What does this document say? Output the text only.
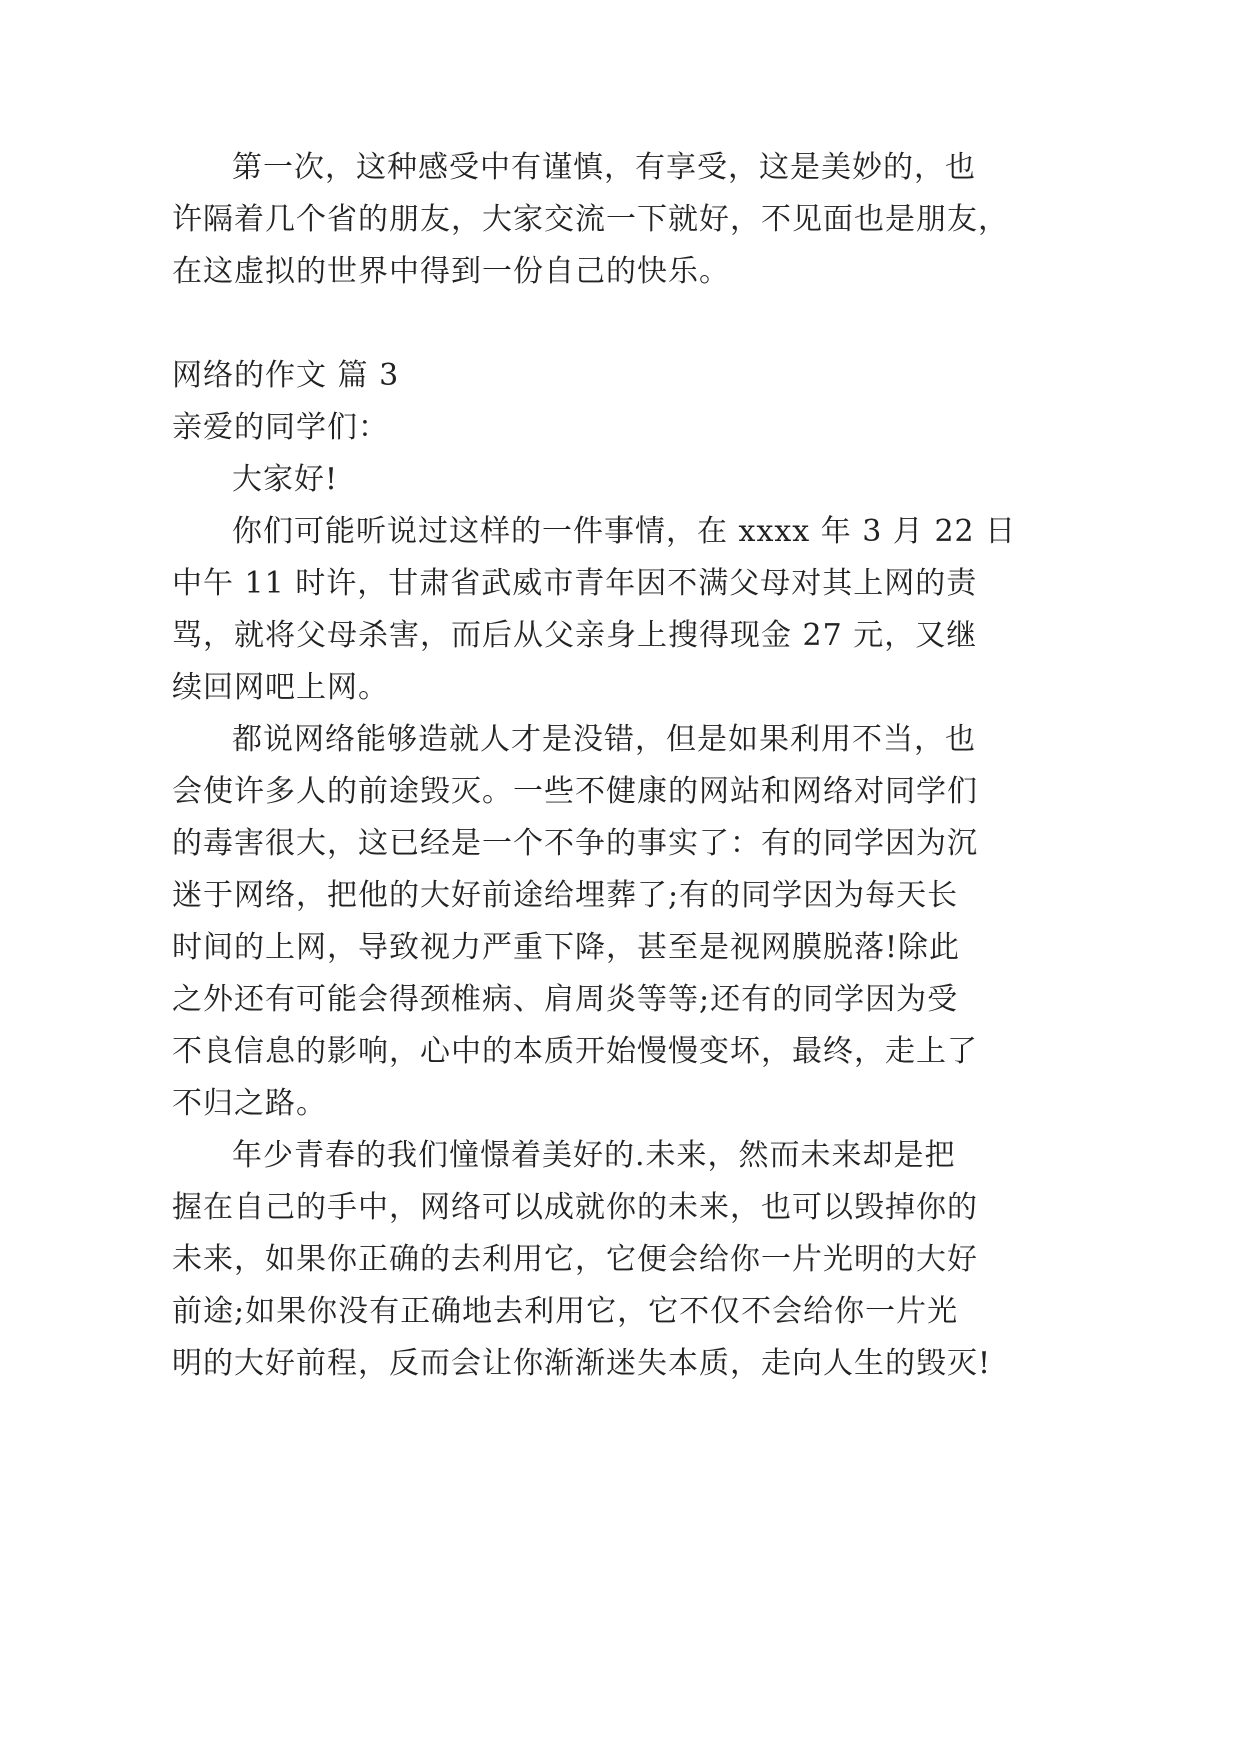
第一次，这种感受中有谨慎，有享受，这是美妙的，也
许隔着几个省的朋友，大家交流一下就好，不见面也是朋友，
在这虚拟的世界中得到一份自己的快乐。
网络的作文 篇 3
亲爱的同学们：
大家好!
你们可能听说过这样的一件事情，在 xxxx 年 3 月 22 日
中午 11 时许，甘肃省武威市青年因不满父母对其上网的责
骂，就将父母杀害，而后从父亲身上搜得现金 27 元，又继
续回网吧上网。
都说网络能够造就人才是没错，但是如果利用不当，也
会使许多人的前途毁灭。一些不健康的网站和网络对同学们
的毒害很大，这已经是一个不争的事实了：有的同学因为沉
迷于网络，把他的大好前途给埋葬了;有的同学因为每天长
时间的上网，导致视力严重下降，甚至是视网膜脱落!除此
之外还有可能会得颈椎病、肩周炎等等;还有的同学因为受
不良信息的影响，心中的本质开始慢慢变坏，最终，走上了
不归之路。
年少青春的我们憧憬着美好的.未来，然而未来却是把
握在自己的手中，网络可以成就你的未来，也可以毁掉你的
未来，如果你正确的去利用它，它便会给你一片光明的大好
前途;如果你没有正确地去利用它，它不仅不会给你一片光
明的大好前程，反而会让你渐渐迷失本质，走向人生的毁灭!
